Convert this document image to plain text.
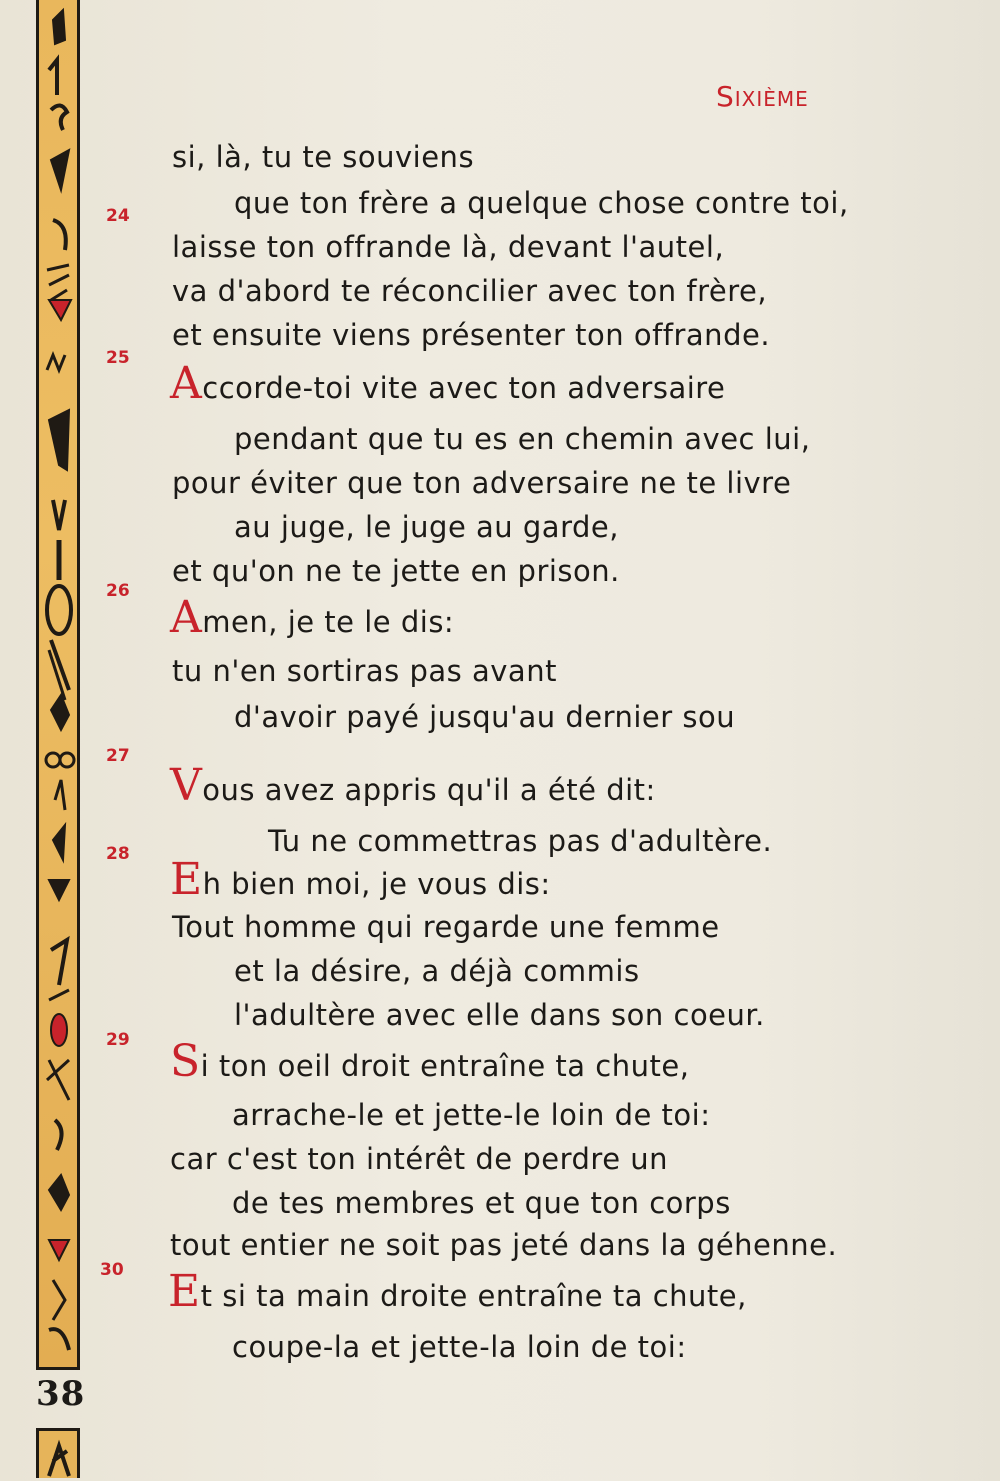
38
Sixième
24
25
26
27
28
29
30
si, là, tu te souviens
que ton frère a quelque chose contre toi,
laisse ton offrande là, devant l'autel,
va d'abord te réconcilier avec ton frère,
et ensuite viens présenter ton offrande.
Accorde-toi vite avec ton adversaire
pendant que tu es en chemin avec lui,
pour éviter que ton adversaire ne te livre
au juge, le juge au garde,
et qu'on ne te jette en prison.
Amen, je te le dis:
tu n'en sortiras pas avant
d'avoir payé jusqu'au dernier sou
Vous avez appris qu'il a été dit:
Tu ne commettras pas d'adultère.
Eh bien moi, je vous dis:
Tout homme qui regarde une femme
et la désire, a déjà commis
l'adultère avec elle dans son coeur.
Si ton oeil droit entraîne ta chute,
arrache-le et jette-le loin de toi:
car c'est ton intérêt de perdre un
de tes membres et que ton corps
tout entier ne soit pas jeté dans la géhenne.
Et si ta main droite entraîne ta chute,
coupe-la et jette-la loin de toi:
